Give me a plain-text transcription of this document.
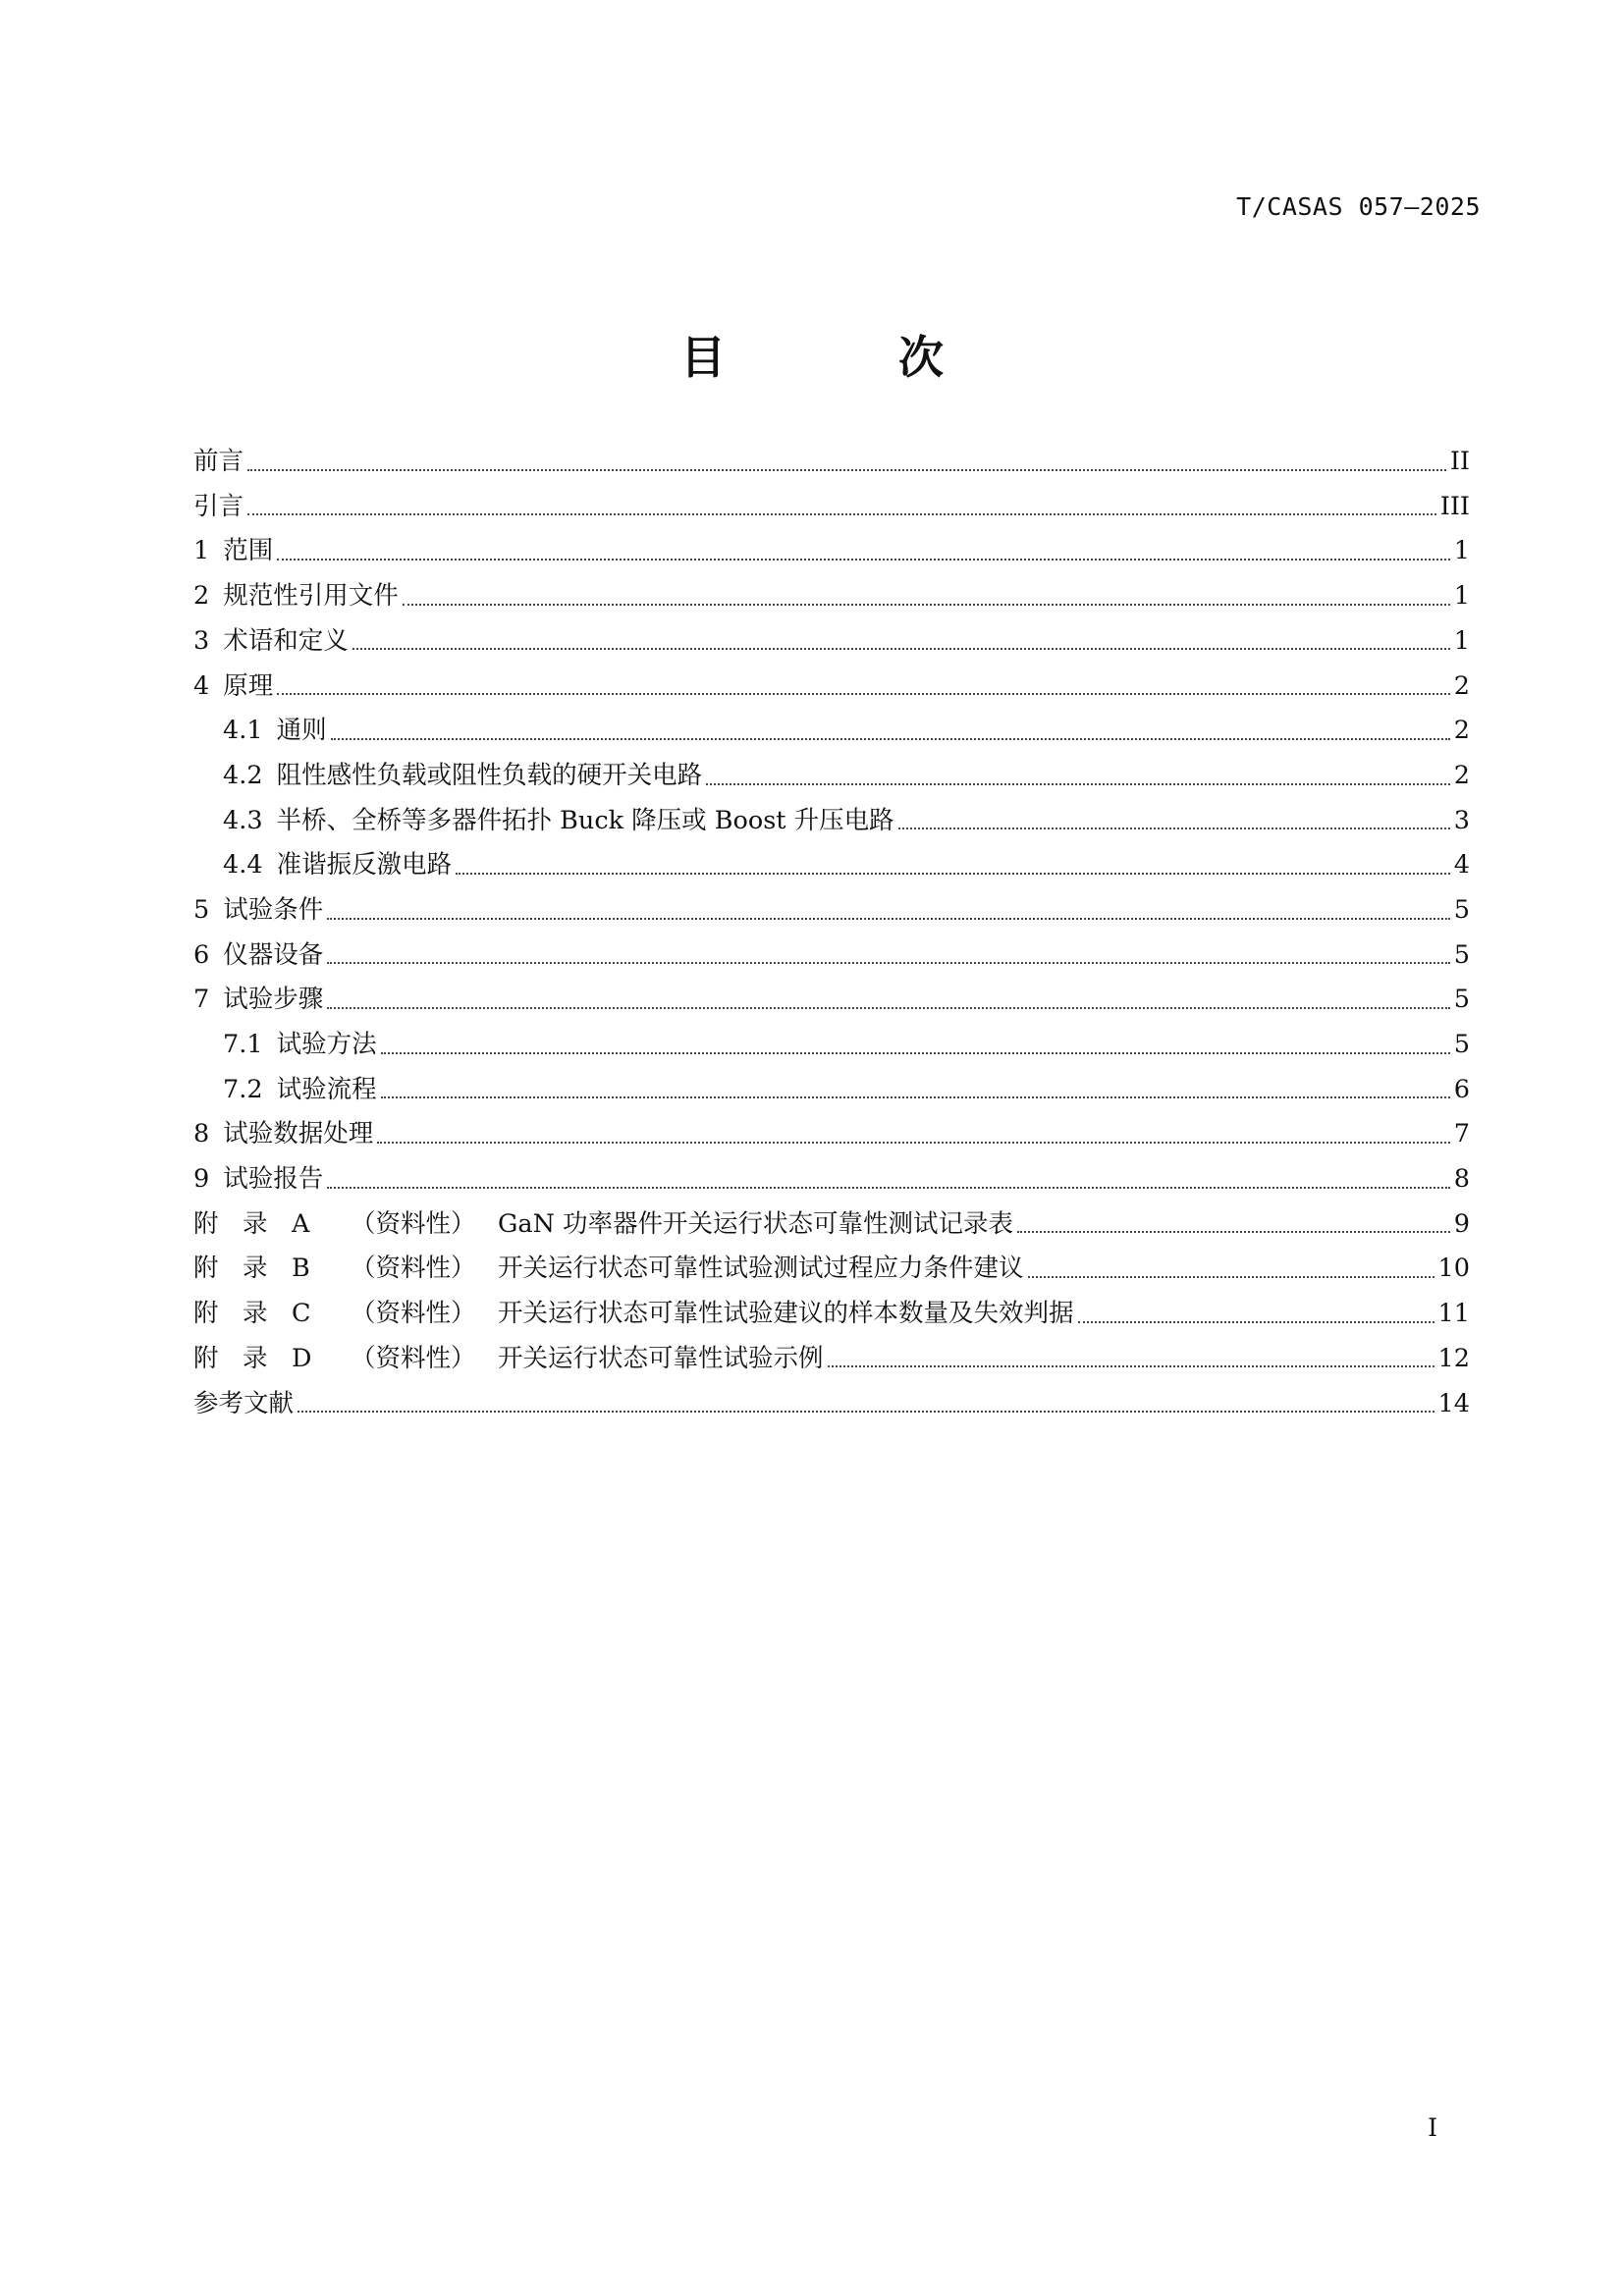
T/CASAS 057—2025
目 次
前言	II
引言	III
1 范围	1
2 规范性引用文件	1
3 术语和定义	1
4 原理	2
4.1 通则	2
4.2 阻性感性负载或阻性负载的硬开关电路	2
4.3 半桥、全桥等多器件拓扑 Buck 降压或 Boost 升压电路	3
4.4 准谐振反激电路	4
5 试验条件	5
6 仪器设备	5
7 试验步骤	5
7.1 试验方法	5
7.2 试验流程	6
8 试验数据处理	7
9 试验报告	8
附 录 A	（资料性） GaN 功率器件开关运行状态可靠性测试记录表	9
附 录 B	（资料性） 开关运行状态可靠性试验测试过程应力条件建议	10
附 录 C	（资料性） 开关运行状态可靠性试验建议的样本数量及失效判据	11
附 录 D	（资料性） 开关运行状态可靠性试验示例	12
参考文献	14
I
